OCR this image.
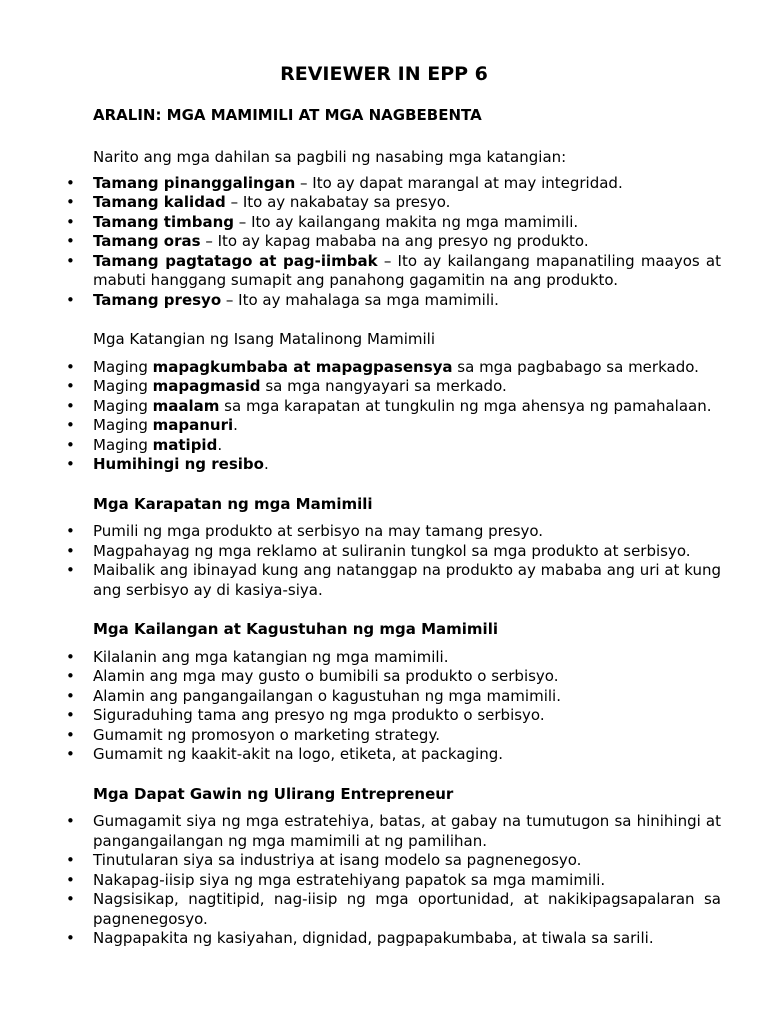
REVIEWER IN EPP 6

ARALIN: MGA MAMIMILI AT MGA NAGBEBENTA

Narito ang mga dahilan sa pagbili ng nasabing mga katangian:

• Tamang pinanggalingan – Ito ay dapat marangal at may integridad.
• Tamang kalidad – Ito ay nakabatay sa presyo.
• Tamang timbang – Ito ay kailangang makita ng mga mamimili.
• Tamang oras – Ito ay kapag mababa na ang presyo ng produkto.
• Tamang pagtatago at pag-iimbak – Ito ay kailangang mapanatiling maayos at mabuti hanggang sumapit ang panahong gagamitin na ang produkto.
• Tamang presyo – Ito ay mahalaga sa mga mamimili.

Mga Katangian ng Isang Matalinong Mamimili

• Maging mapagkumbaba at mapagpasensya sa mga pagbabago sa merkado.
• Maging mapagmasid sa mga nangyayari sa merkado.
• Maging maalam sa mga karapatan at tungkulin ng mga ahensya ng pamahalaan.
• Maging mapanuri.
• Maging matipid.
• Humihingi ng resibo.

Mga Karapatan ng mga Mamimili

• Pumili ng mga produkto at serbisyo na may tamang presyo.
• Magpahayag ng mga reklamo at suliranin tungkol sa mga produkto at serbisyo.
• Maibalik ang ibinayad kung ang natanggap na produkto ay mababa ang uri at kung ang serbisyo ay di kasiya-siya.

Mga Kailangan at Kagustuhan ng mga Mamimili

• Kilalanin ang mga katangian ng mga mamimili.
• Alamin ang mga may gusto o bumibili sa produkto o serbisyo.
• Alamin ang pangangailangan o kagustuhan ng mga mamimili.
• Siguraduhing tama ang presyo ng mga produkto o serbisyo.
• Gumamit ng promosyon o marketing strategy.
• Gumamit ng kaakit-akit na logo, etiketa, at packaging.

Mga Dapat Gawin ng Ulirang Entrepreneur

• Gumagamit siya ng mga estratehiya, batas, at gabay na tumutugon sa hinihingi at pangangailangan ng mga mamimili at ng pamilihan.
• Tinutularan siya sa industriya at isang modelo sa pagnenegosyo.
• Nakapag-iisip siya ng mga estratehiyang papatok sa mga mamimili.
• Nagsisikap, nagtitipid, nag-iisip ng mga oportunidad, at nakikipagsapalaran sa pagnenegosyo.
• Nagpapakita ng kasiyahan, dignidad, pagpapakumbaba, at tiwala sa sarili.
